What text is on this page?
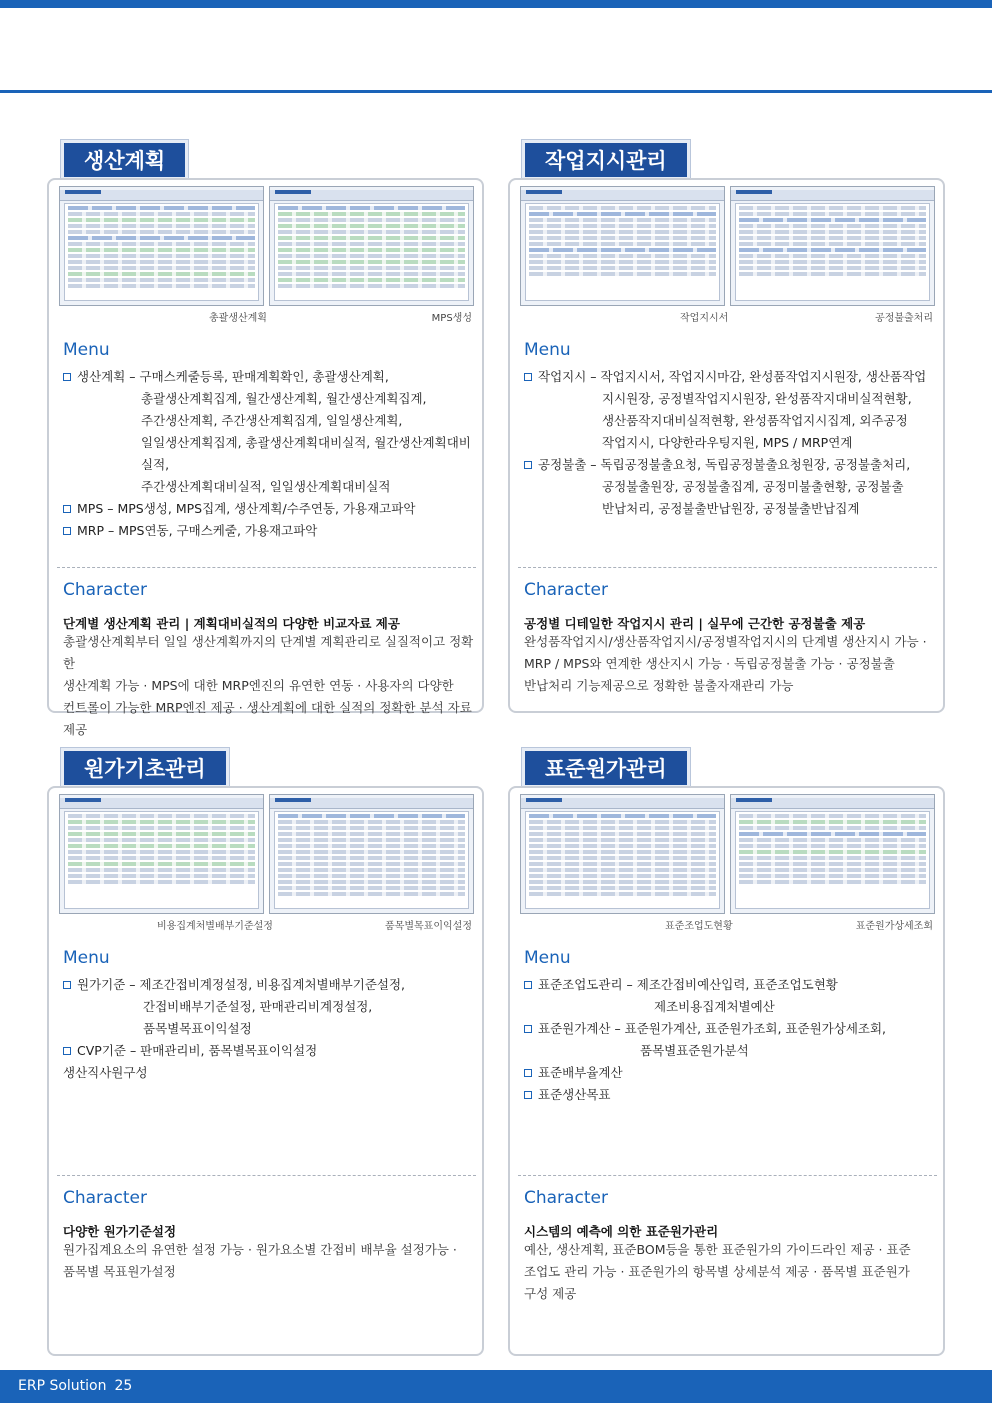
생산계획
총괄생산계획	MPS생성
Menu
생산계획 – 구매스케줄등록, 판매계획확인, 총괄생산계획,
총괄생산계획집계, 월간생산계획, 월간생산계획집계,
주간생산계획, 주간생산계획집계, 일일생산계획,
일일생산계획집계, 총괄생산계획대비실적, 월간생산계획대비실적,
주간생산계획대비실적, 일일생산계획대비실적
MPS – MPS생성, MPS집계, 생산계획/수주연동, 가용재고파악
MRP – MPS연동, 구매스케줄, 가용재고파악
Character
단계별 생산계획 관리 | 계획대비실적의 다양한 비교자료 제공
총괄생산계획부터 일일 생산계획까지의 단계별 계획관리로 실질적이고 정확한
생산계획 가능 · MPS에 대한 MRP엔진의 유연한 연동 · 사용자의 다양한
컨트롤이 가능한 MRP엔진 제공 · 생산계획에 대한 실적의 정확한 분석 자료제공
작업지시관리
작업지시서	공정불출처리
Menu
작업지시 – 작업지시서, 작업지시마감, 완성품작업지시원장, 생산품작업
지시원장, 공정별작업지시원장, 완성품작지대비실적현황,
생산품작지대비실적현황, 완성품작업지시집계, 외주공정
작업지시, 다양한라우팅지원, MPS / MRP연계
공정불출 – 독립공정불출요청, 독립공정불출요청원장, 공정불출처리,
공정불출원장, 공정불출집계, 공정미불출현황, 공정불출
반납처리, 공정불출반납원장, 공정불출반납집계
Character
공정별 디테일한 작업지시 관리 | 실무에 근간한 공정불출 제공
완성품작업지시/생산품작업지시/공정별작업지시의 단계별 생산지시 가능 ·
MRP / MPS와 연계한 생산지시 가능 · 독립공정불출 가능 · 공정불출
반납처리 기능제공으로 정확한 불출자재관리 가능
원가기초관리
비용집계처별배부기준설정	품목별목표이익설정
Menu
원가기준 – 제조간접비계정설정, 비용집계처별배부기준설정,
간접비배부기준설정, 판매관리비계정설정,
품목별목표이익설정
CVP기준 – 판매관리비, 품목별목표이익설정
생산직사원구성
Character
다양한 원가기준설정
원가집계요소의 유연한 설정 가능 · 원가요소별 간접비 배부율 설정가능 ·
품목별 목표원가설정
표준원가관리
표준조업도현황	표준원가상세조회
Menu
표준조업도관리 – 제조간접비예산입력, 표준조업도현황
제조비용집계처별예산
표준원가계산 – 표준원가계산, 표준원가조회, 표준원가상세조회,
품목별표준원가분석
표준배부율계산
표준생산목표
Character
시스템의 예측에 의한 표준원가관리
예산, 생산계획, 표준BOM등을 통한 표준원가의 가이드라인 제공 · 표준
조업도 관리 가능 · 표준원가의 항목별 상세분석 제공 · 품목별 표준원가
구성 제공
ERP Solution 25
